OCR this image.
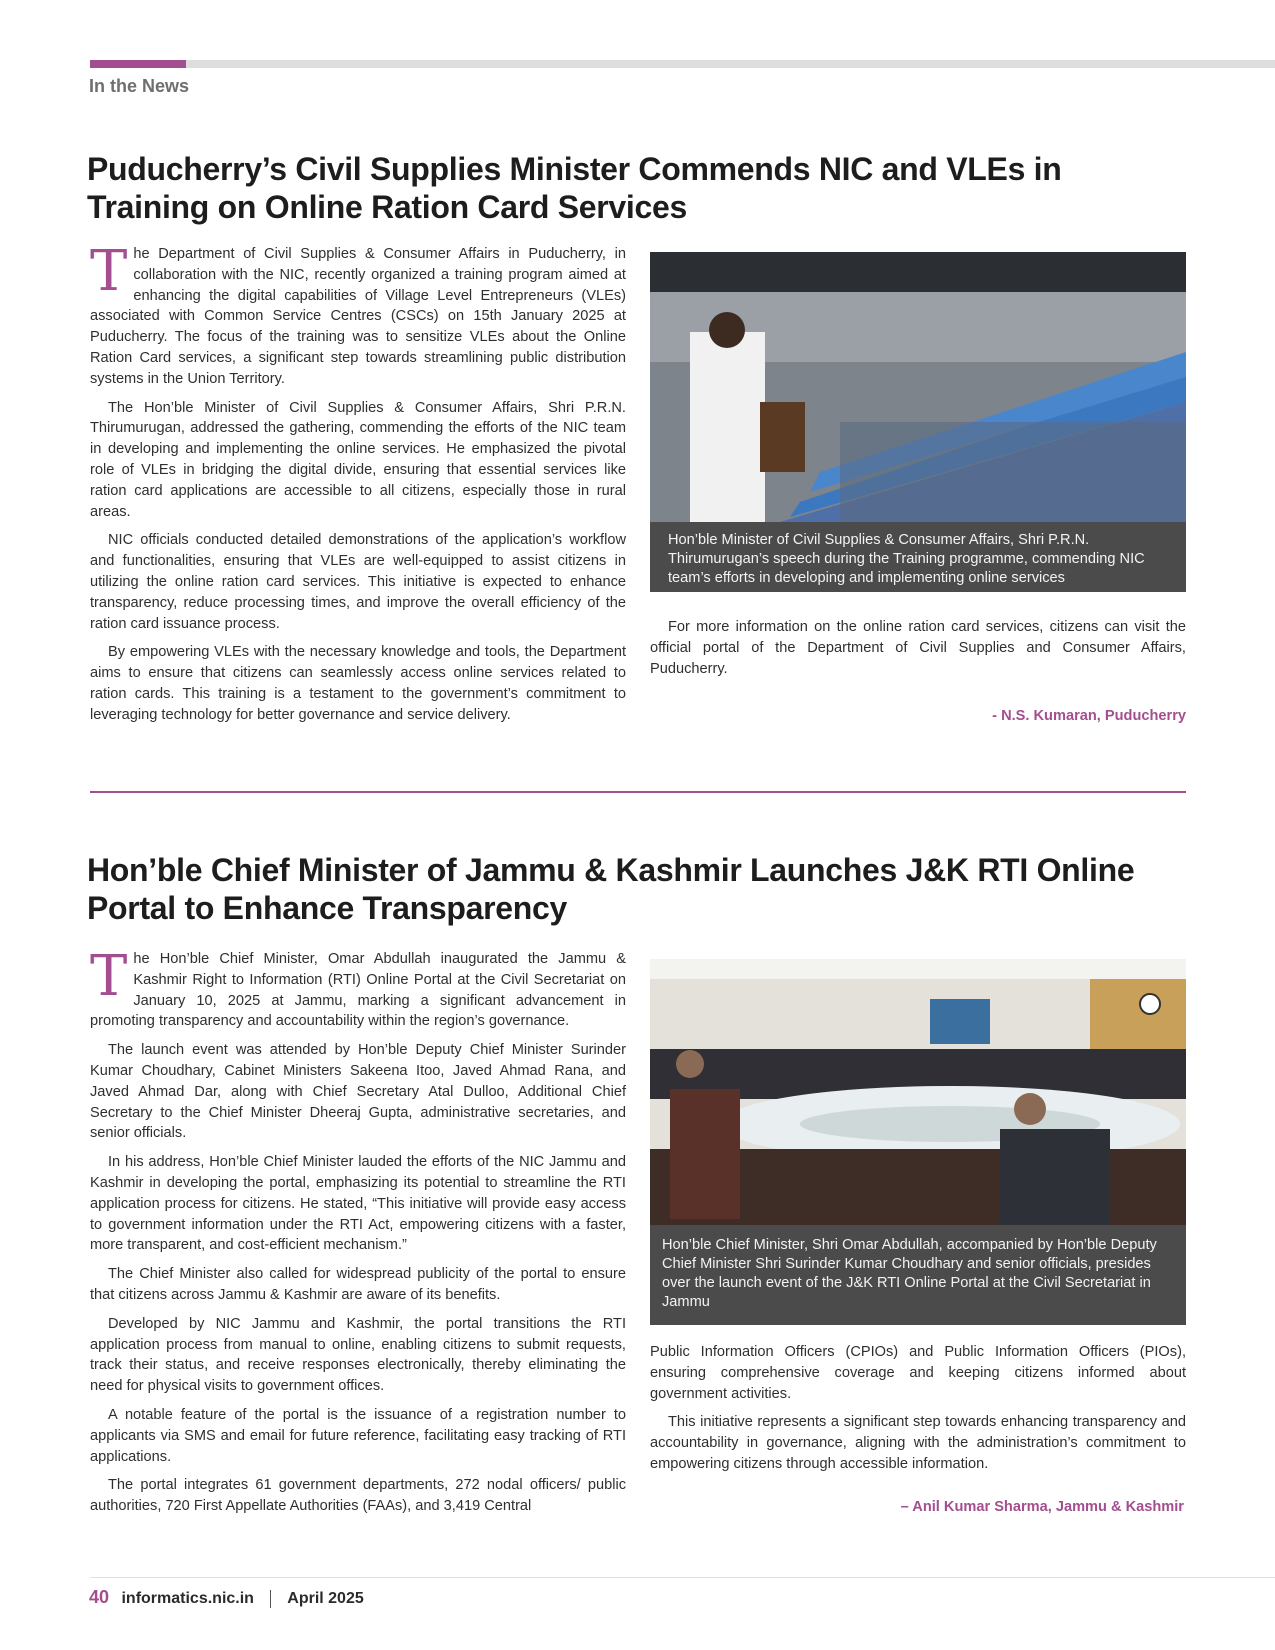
In the News
Puducherry’s Civil Supplies Minister Commends NIC and VLEs in Training on Online Ration Card Services

The Department of Civil Supplies & Consumer Affairs in Puducherry, in collaboration with the NIC, recently organized a training program aimed at enhancing the digital capabilities of Village Level Entrepreneurs (VLEs) associated with Common Service Centres (CSCs) on 15th January 2025 at Puducherry. The focus of the training was to sensitize VLEs about the Online Ration Card services, a significant step towards streamlining public distribution systems in the Union Territory.

The Hon’ble Minister of Civil Supplies & Consumer Affairs, Shri P.R.N. Thirumurugan, addressed the gathering, commending the efforts of the NIC team in developing and implementing the online services. He emphasized the pivotal role of VLEs in bridging the digital divide, ensuring that essential services like ration card applications are accessible to all citizens, especially those in rural areas.

NIC officials conducted detailed demonstrations of the application’s workflow and functionalities, ensuring that VLEs are well-equipped to assist citizens in utilizing the online ration card services. This initiative is expected to enhance transparency, reduce processing times, and improve the overall efficiency of the ration card issuance process.

By empowering VLEs with the necessary knowledge and tools, the Department aims to ensure that citizens can seamlessly access online services related to ration cards. This training is a testament to the government’s commitment to leveraging technology for better governance and service delivery.

Hon’ble Minister of Civil Supplies & Consumer Affairs, Shri P.R.N. Thirumurugan’s speech during the Training programme, commending NIC team’s efforts in developing and implementing online services

For more information on the online ration card services, citizens can visit the official portal of the Department of Civil Supplies and Consumer Affairs, Puducherry.

- N.S. Kumaran, Puducherry
Hon’ble Chief Minister of Jammu & Kashmir Launches J&K RTI Online Portal to Enhance Transparency

The Hon’ble Chief Minister, Omar Abdullah inaugurated the Jammu & Kashmir Right to Information (RTI) Online Portal at the Civil Secretariat on January 10, 2025 at Jammu, marking a significant advancement in promoting transparency and accountability within the region’s governance.

The launch event was attended by Hon’ble Deputy Chief Minister Surinder Kumar Choudhary, Cabinet Ministers Sakeena Itoo, Javed Ahmad Rana, and Javed Ahmad Dar, along with Chief Secretary Atal Dulloo, Additional Chief Secretary to the Chief Minister Dheeraj Gupta, administrative secretaries, and senior officials.

In his address, Hon’ble Chief Minister lauded the efforts of the NIC Jammu and Kashmir in developing the portal, emphasizing its potential to streamline the RTI application process for citizens. He stated, “This initiative will provide easy access to government information under the RTI Act, empowering citizens with a faster, more transparent, and cost-efficient mechanism.”

The Chief Minister also called for widespread publicity of the portal to ensure that citizens across Jammu & Kashmir are aware of its benefits.

Developed by NIC Jammu and Kashmir, the portal transitions the RTI application process from manual to online, enabling citizens to submit requests, track their status, and receive responses electronically, thereby eliminating the need for physical visits to government offices.

A notable feature of the portal is the issuance of a registration number to applicants via SMS and email for future reference, facilitating easy tracking of RTI applications.

The portal integrates 61 government departments, 272 nodal officers/ public authorities, 720 First Appellate Authorities (FAAs), and 3,419 Central

Hon’ble Chief Minister, Shri Omar Abdullah, accompanied by Hon’ble Deputy Chief Minister Shri Surinder Kumar Choudhary and senior officials, presides over the launch event of the J&K RTI Online Portal at the Civil Secretariat in Jammu

Public Information Officers (CPIOs) and Public Information Officers (PIOs), ensuring comprehensive coverage and keeping citizens informed about government activities.

This initiative represents a significant step towards enhancing transparency and accountability in governance, aligning with the administration’s commitment to empowering citizens through accessible information.

– Anil Kumar Sharma, Jammu & Kashmir
40 informatics.nic.in April 2025
